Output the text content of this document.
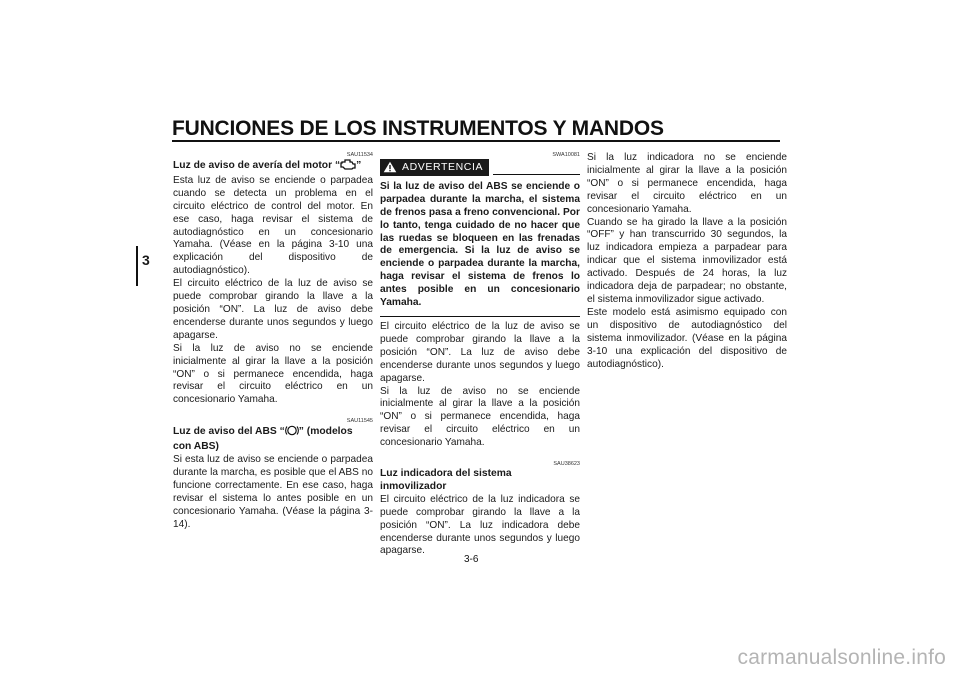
FUNCIONES DE LOS INSTRUMENTOS Y MANDOS
3
SAU11534

Luz de aviso de avería del motor “ ”

Esta luz de aviso se enciende o parpadea cuando se detecta un problema en el circuito eléctrico de control del motor. En ese caso, haga revisar el sistema de autodiagnóstico en un concesionario Yamaha. (Véase en la página 3-10 una explicación del dispositivo de autodiagnóstico).

El circuito eléctrico de la luz de aviso se puede comprobar girando la llave a la posición “ON”. La luz de aviso debe encenderse durante unos segundos y luego apagarse.

Si la luz de aviso no se enciende inicialmente al girar la llave a la posición “ON” o si permanece encendida, haga revisar el circuito eléctrico en un concesionario Yamaha.

SAU11545

Luz de aviso del ABS “ ” (modelos con ABS)

Si esta luz de aviso se enciende o parpadea durante la marcha, es posible que el ABS no funcione correctamente. En ese caso, haga revisar el sistema lo antes posible en un concesionario Yamaha. (Véase la página 3-14).

SWA10081
ADVERTENCIA

Si la luz de aviso del ABS se enciende o parpadea durante la marcha, el sistema de frenos pasa a freno convencional. Por lo tanto, tenga cuidado de no hacer que las ruedas se bloqueen en las frenadas de emergencia. Si la luz de aviso se enciende o parpadea durante la marcha, haga revisar el sistema de frenos lo antes posible en un concesionario Yamaha.

El circuito eléctrico de la luz de aviso se puede comprobar girando la llave a la posición “ON”. La luz de aviso debe encenderse durante unos segundos y luego apagarse.

Si la luz de aviso no se enciende inicialmente al girar la llave a la posición “ON” o si permanece encendida, haga revisar el circuito eléctrico en un concesionario Yamaha.

SAU38623

Luz indicadora del sistema inmovilizador

El circuito eléctrico de la luz indicadora se puede comprobar girando la llave a la posición “ON”. La luz indicadora debe encenderse durante unos segundos y luego apagarse.

Si la luz indicadora no se enciende inicialmente al girar la llave a la posición “ON” o si permanece encendida, haga revisar el circuito eléctrico en un concesionario Yamaha.

Cuando se ha girado la llave a la posición “OFF” y han transcurrido 30 segundos, la luz indicadora empieza a parpadear para indicar que el sistema inmovilizador está activado. Después de 24 horas, la luz indicadora deja de parpadear; no obstante, el sistema inmovilizador sigue activado.

Este modelo está asimismo equipado con un dispositivo de autodiagnóstico del sistema inmovilizador. (Véase en la página 3-10 una explicación del dispositivo de autodiagnóstico).

3-6
carmanualsonline.info
